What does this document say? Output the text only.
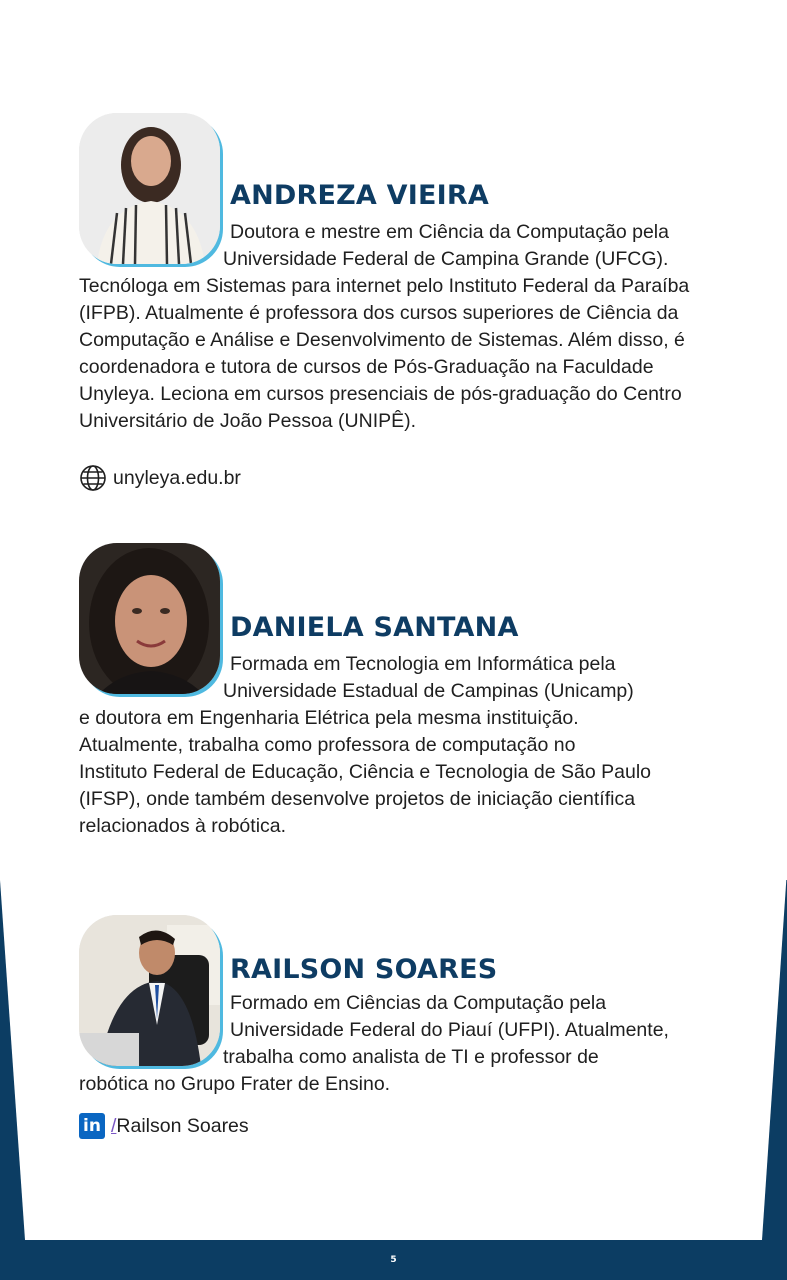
ANDREZA VIEIRA

Doutora e mestre em Ciência da Computação pela

Universidade Federal de Campina Grande (UFCG).

Tecnóloga em Sistemas para internet pelo Instituto Federal da Paraíba

(IFPB). Atualmente é professora dos cursos superiores de Ciência da

Computação e Análise e Desenvolvimento de Sistemas. Além disso, é

coordenadora e tutora de cursos de Pós-Graduação na Faculdade

Unyleya. Leciona em cursos presenciais de pós-graduação do Centro

Universitário de João Pessoa (UNIPÊ).

unyleya.edu.br
DANIELA SANTANA

Formada em Tecnologia em Informática pela

Universidade Estadual de Campinas (Unicamp)

e doutora em Engenharia Elétrica pela mesma instituição.

Atualmente, trabalha como professora de computação no

Instituto Federal de Educação, Ciência e Tecnologia de São Paulo

(IFSP), onde também desenvolve projetos de iniciação científica

relacionados à robótica.

RAILSON SOARES

Formado em Ciências da Computação pela

Universidade Federal do Piauí (UFPI). Atualmente,

trabalha como analista de TI e professor de

robótica no Grupo Frater de Ensino.

in /Railson Soares
5
